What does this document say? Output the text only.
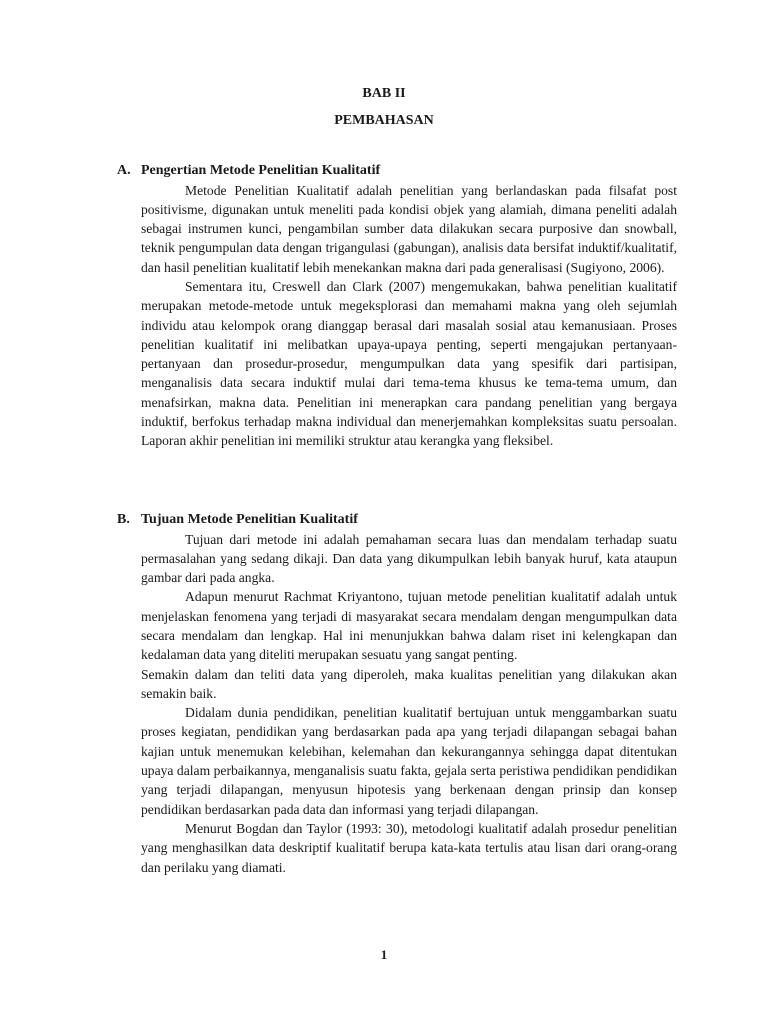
BAB II
PEMBAHASAN
A. Pengertian Metode Penelitian Kualitatif

Metode Penelitian Kualitatif adalah penelitian yang berlandaskan pada filsafat post positivisme, digunakan untuk meneliti pada kondisi objek yang alamiah, dimana peneliti adalah sebagai instrumen kunci, pengambilan sumber data dilakukan secara purposive dan snowball, teknik pengumpulan data dengan trigangulasi (gabungan), analisis data bersifat induktif/kualitatif, dan hasil penelitian kualitatif lebih menekankan makna dari pada generalisasi (Sugiyono, 2006).

Sementara itu, Creswell dan Clark (2007) mengemukakan, bahwa penelitian kualitatif merupakan metode-metode untuk megeksplorasi dan memahami makna yang oleh sejumlah individu atau kelompok orang dianggap berasal dari masalah sosial atau kemanusiaan. Proses penelitian kualitatif ini melibatkan upaya-upaya penting, seperti mengajukan pertanyaan-pertanyaan dan prosedur-prosedur, mengumpulkan data yang spesifik dari partisipan, menganalisis data secara induktif mulai dari tema-tema khusus ke tema-tema umum, dan menafsirkan, makna data. Penelitian ini menerapkan cara pandang penelitian yang bergaya induktif, berfokus terhadap makna individual dan menerjemahkan kompleksitas suatu persoalan. Laporan akhir penelitian ini memiliki struktur atau kerangka yang fleksibel.

B. Tujuan Metode Penelitian Kualitatif

Tujuan dari metode ini adalah pemahaman secara luas dan mendalam terhadap suatu permasalahan yang sedang dikaji. Dan data yang dikumpulkan lebih banyak huruf, kata ataupun gambar dari pada angka.

Adapun menurut Rachmat Kriyantono, tujuan metode penelitian kualitatif adalah untuk menjelaskan fenomena yang terjadi di masyarakat secara mendalam dengan mengumpulkan data secara mendalam dan lengkap. Hal ini menunjukkan bahwa dalam riset ini kelengkapan dan kedalaman data yang diteliti merupakan sesuatu yang sangat penting.

Semakin dalam dan teliti data yang diperoleh, maka kualitas penelitian yang dilakukan akan semakin baik.

Didalam dunia pendidikan, penelitian kualitatif bertujuan untuk menggambarkan suatu proses kegiatan, pendidikan yang berdasarkan pada apa yang terjadi dilapangan sebagai bahan kajian untuk menemukan kelebihan, kelemahan dan kekurangannya sehingga dapat ditentukan upaya dalam perbaikannya, menganalisis suatu fakta, gejala serta peristiwa pendidikan pendidikan yang terjadi dilapangan, menyusun hipotesis yang berkenaan dengan prinsip dan konsep pendidikan berdasarkan pada data dan informasi yang terjadi dilapangan.

Menurut Bogdan dan Taylor (1993: 30), metodologi kualitatif adalah prosedur penelitian yang menghasilkan data deskriptif kualitatif berupa kata-kata tertulis atau lisan dari orang-orang dan perilaku yang diamati.

1
